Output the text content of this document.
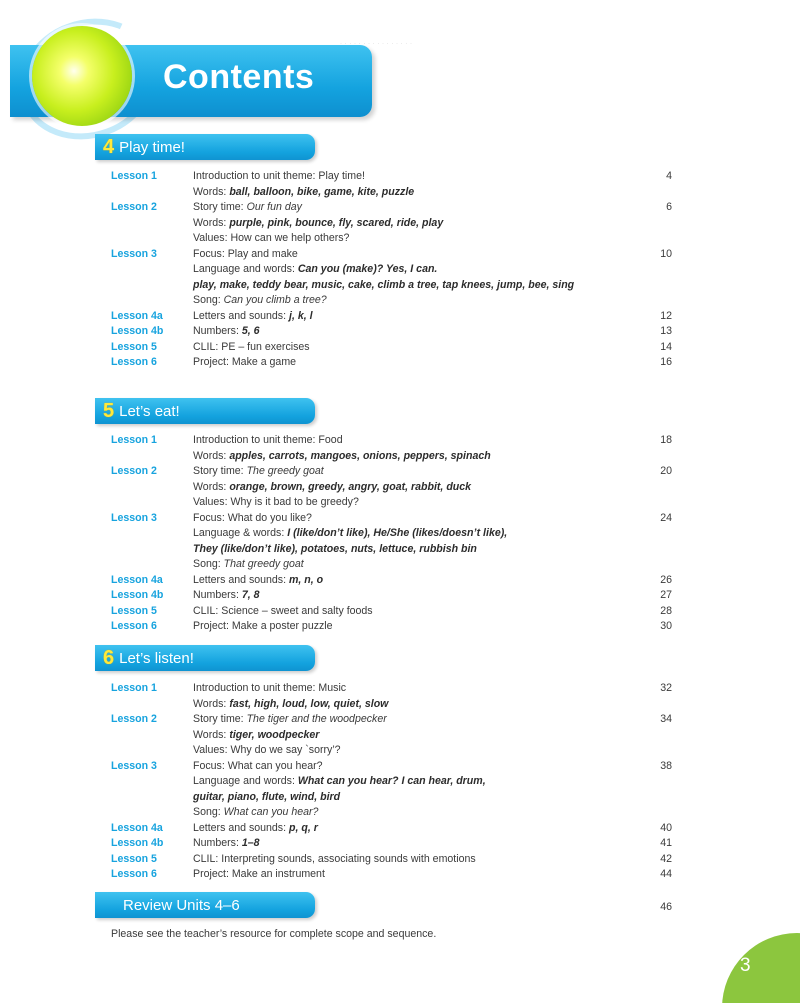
Contents
· · · · · · · · · · · · · · · ·
4 Play time!
Lesson 1	Introduction to unit theme: Play time!	4
Words: ball, balloon, bike, game, kite, puzzle
Lesson 2	Story time: Our fun day	6
Words: purple, pink, bounce, fly, scared, ride, play
Values: How can we help others?
Lesson 3	Focus: Play and make	10
Language and words: Can you (make)? Yes, I can.
play, make, teddy bear, music, cake, climb a tree, tap knees, jump, bee, sing
Song: Can you climb a tree?
Lesson 4a	Letters and sounds: j, k, l	12
Lesson 4b	Numbers: 5, 6	13
Lesson 5	CLIL: PE – fun exercises	14
Lesson 6	Project: Make a game	16
5 Let’s eat!
Lesson 1	Introduction to unit theme: Food	18
Words: apples, carrots, mangoes, onions, peppers, spinach
Lesson 2	Story time: The greedy goat	20
Words: orange, brown, greedy, angry, goat, rabbit, duck
Values: Why is it bad to be greedy?
Lesson 3	Focus: What do you like?	24
Language & words: I (like/don’t like), He/She (likes/doesn’t like),
They (like/don’t like), potatoes, nuts, lettuce, rubbish bin
Song: That greedy goat
Lesson 4a	Letters and sounds: m, n, o	26
Lesson 4b	Numbers: 7, 8	27
Lesson 5	CLIL: Science – sweet and salty foods	28
Lesson 6	Project: Make a poster puzzle	30
6 Let’s listen!
Lesson 1	Introduction to unit theme: Music	32
Words: fast, high, loud, low, quiet, slow
Lesson 2	Story time: The tiger and the woodpecker	34
Words: tiger, woodpecker
Values: Why do we say `sorry’?
Lesson 3	Focus: What can you hear?	38
Language and words: What can you hear? I can hear, drum,
guitar, piano, flute, wind, bird
Song: What can you hear?
Lesson 4a	Letters and sounds: p, q, r	40
Lesson 4b	Numbers: 1–8	41
Lesson 5	CLIL: Interpreting sounds, associating sounds with emotions	42
Lesson 6	Project: Make an instrument	44
Review Units 4–6	46
Please see the teacher’s resource for complete scope and sequence.
3
